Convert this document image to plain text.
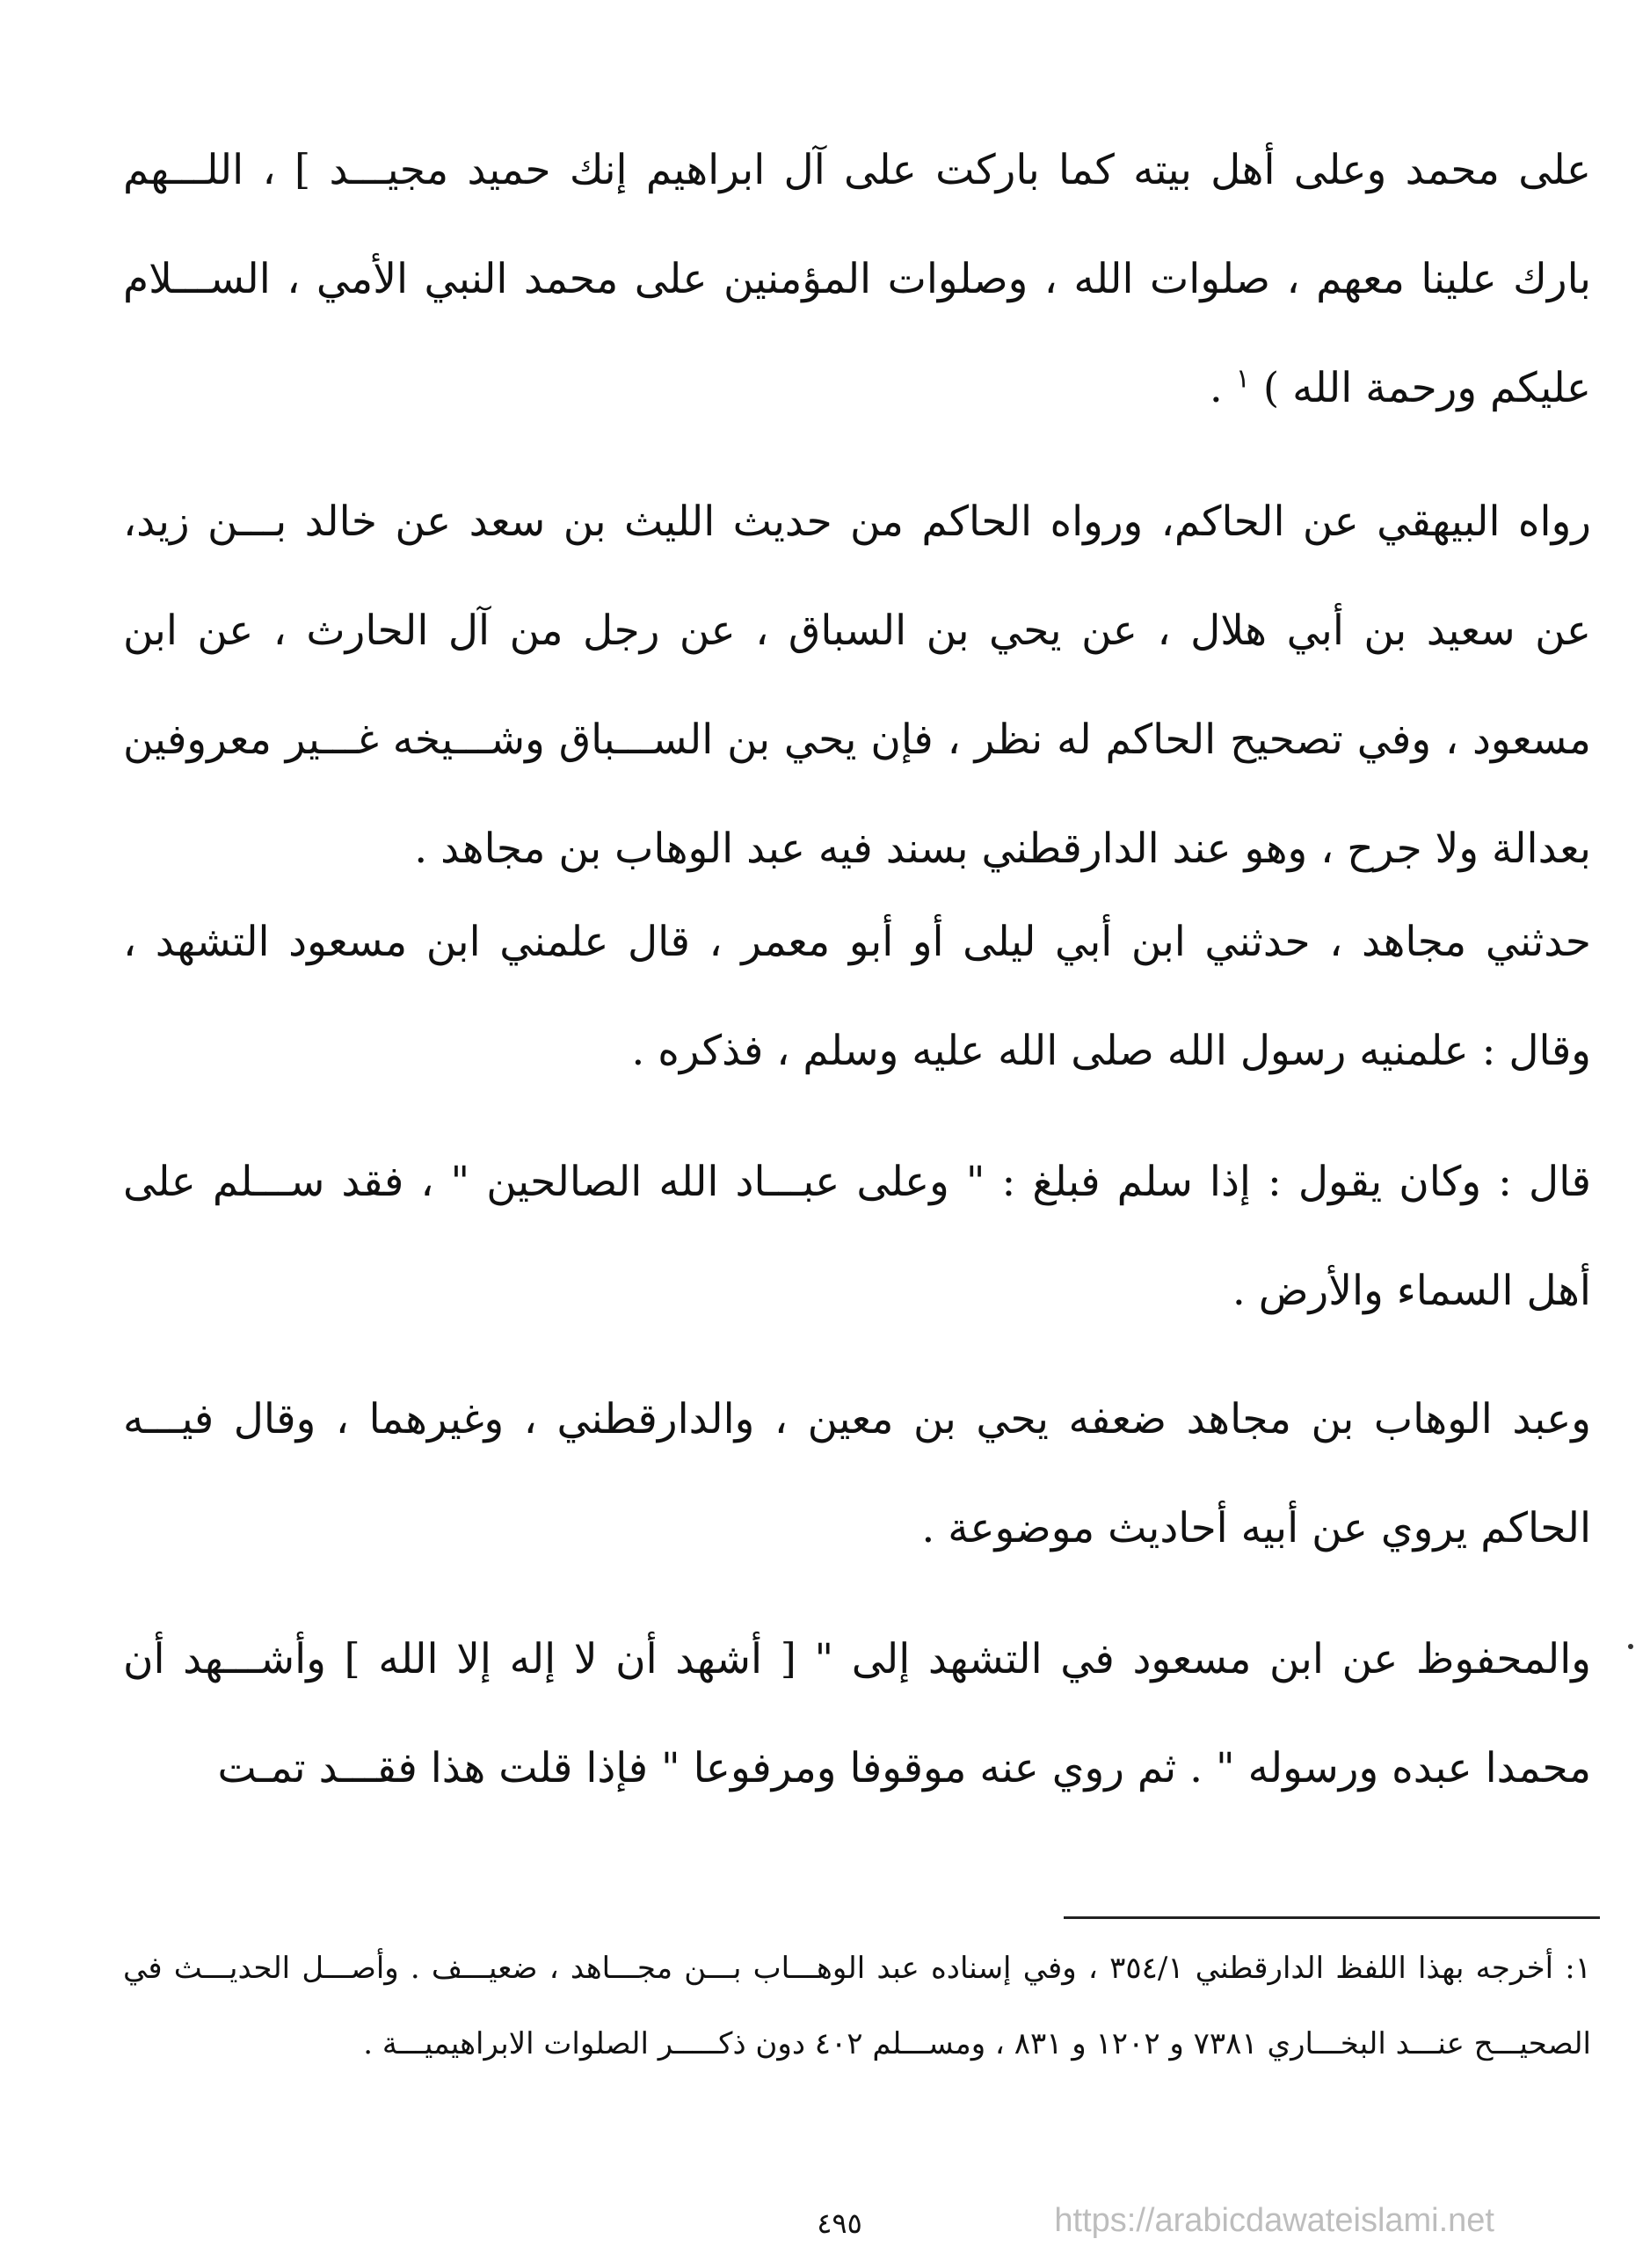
على محمد وعلى أهل بيته كما باركت على آل ابراهيم إنك حميد مجيـــد ] ، اللـــهم بارك علينا معهم ، صلوات الله ، وصلوات المؤمنين على محمد النبي الأمي ، الســـلام عليكم ورحمة الله ) $^١$ .

رواه البيهقي عن الحاكم، ورواه الحاكم من حديث الليث بن سعد عن خالد بـــن زيد، عن سعيد بن أبي هلال ، عن يحي بن السباق ، عن رجل من آل الحارث ، عن ابن مسعود ، وفي تصحيح الحاكم له نظر ، فإن يحي بن الســـباق وشـــيخه غـــير معروفين بعدالة ولا جرح ، وهو عند الدارقطني بسند فيه عبد الوهاب بن مجاهد .

حدثني مجاهد ، حدثني ابن أبي ليلى أو أبو معمر ، قال علمني ابن مسعود التشهد ، وقال : علمنيه رسول الله صلى الله عليه وسلم ، فذكره .

قال : وكان يقول : إذا سلم فبلغ : " وعلى عبـــاد الله الصالحين " ، فقد ســـلم على أهل السماء والأرض .

وعبد الوهاب بن مجاهد ضعفه يحي بن معين ، والدارقطني ، وغيرهما ، وقال فيـــه الحاكم يروي عن أبيه أحاديث موضوعة .

والمحفوظ عن ابن مسعود في التشهد إلى " [ أشهد أن لا إله إلا الله ] وأشـــهد أن محمدا عبده ورسوله " . ثم روي عنه موقوفا ومرفوعا " فإذا قلت هذا فقـــد تمـت

١: أخرجه بهذا اللفظ الدارقطني ٣٥٤/١ ، وفي إسناده عبد الوهـــاب بـــن مجـــاهد ، ضعيـــف . وأصـــل الحديـــث في الصحيـــح عنـــد البخـــاري ٧٣٨١ و ١٢٠٢ و ٨٣١ ، ومســـلم ٤٠٢ دون ذكـــــر الصلوات الابراهيميـــة .

٤٩٥	https://arabicdawateislami.net
